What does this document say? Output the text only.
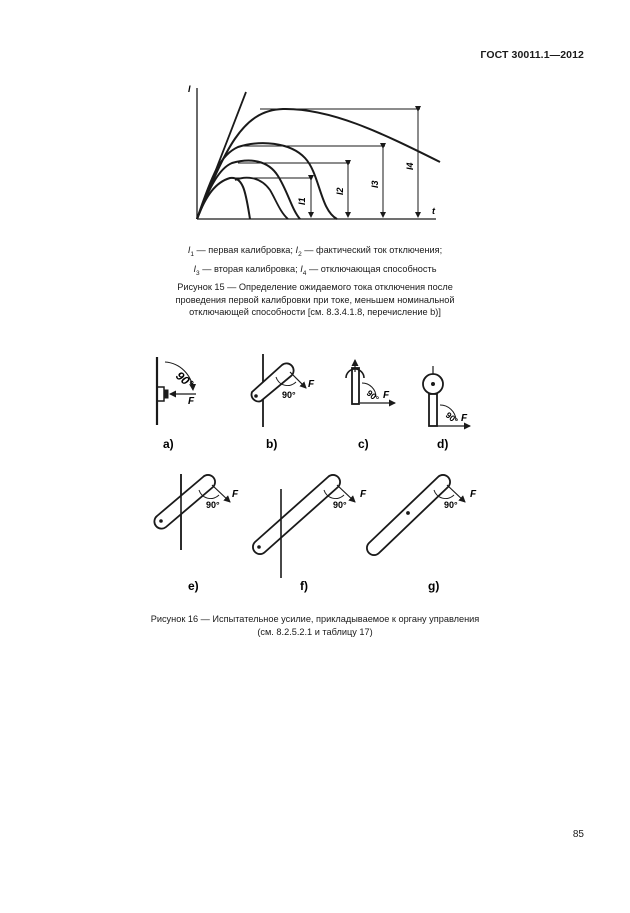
ГОСТ 30011.1—2012
I
t
I1
I2
I3
I4
$I_1$ — первая калибровка; $I_2$ — фактический ток отключения;
$I_3$ — вторая калибровка; $I_4$ — отключающая способность
Рисунок 15 — Определение ожидаемого тока отключения после проведения первой калибровки при токе, меньшем номинальной отключающей способности [см. 8.3.4.1.8, перечисление b)]
90°
F
a)
F
90°
b)
F
90°
c)
F
90°
d)
F
90°
e)
F
90°
f)
F
90°
g)
Рисунок 16 — Испытательное усилие, прикладываемое к органу управления (см. 8.2.5.2.1 и таблицу 17)
85
